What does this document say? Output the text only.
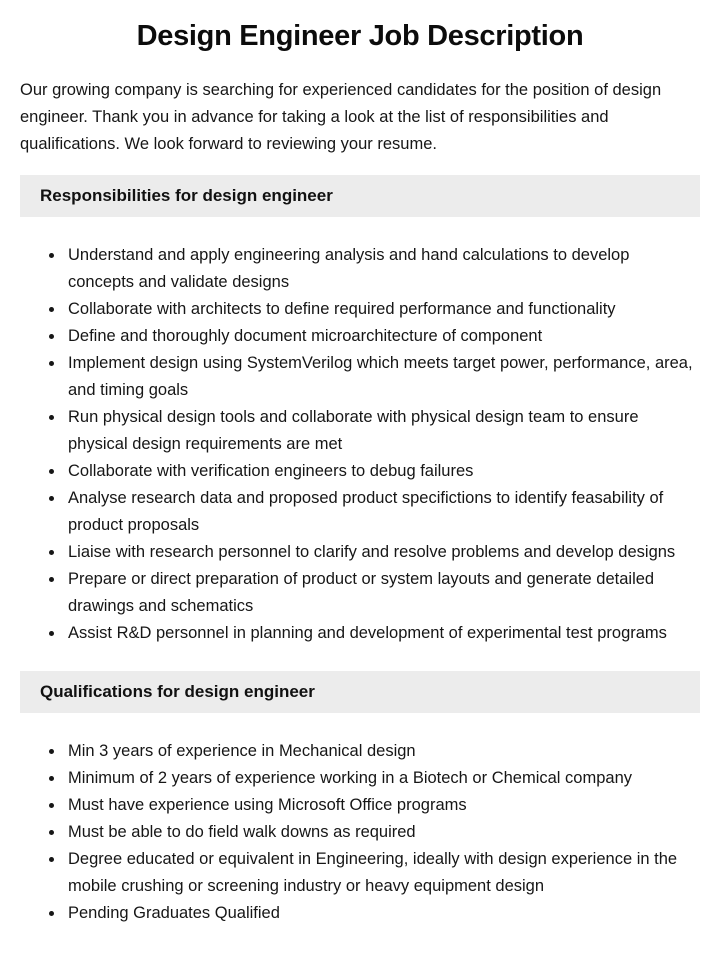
Design Engineer Job Description

Our growing company is searching for experienced candidates for the position of design engineer. Thank you in advance for taking a look at the list of responsibilities and qualifications. We look forward to reviewing your resume.

Responsibilities for design engineer
• Understand and apply engineering analysis and hand calculations to develop concepts and validate designs
• Collaborate with architects to define required performance and functionality
• Define and thoroughly document microarchitecture of component
• Implement design using SystemVerilog which meets target power, performance, area, and timing goals
• Run physical design tools and collaborate with physical design team to ensure physical design requirements are met
• Collaborate with verification engineers to debug failures
• Analyse research data and proposed product specifictions to identify feasability of product proposals
• Liaise with research personnel to clarify and resolve problems and develop designs
• Prepare or direct preparation of product or system layouts and generate detailed drawings and schematics
• Assist R&D personnel in planning and development of experimental test programs
Qualifications for design engineer
• Min 3 years of experience in Mechanical design
• Minimum of 2 years of experience working in a Biotech or Chemical company
• Must have experience using Microsoft Office programs
• Must be able to do field walk downs as required
• Degree educated or equivalent in Engineering, ideally with design experience in the mobile crushing or screening industry or heavy equipment design
• Pending Graduates Qualified
